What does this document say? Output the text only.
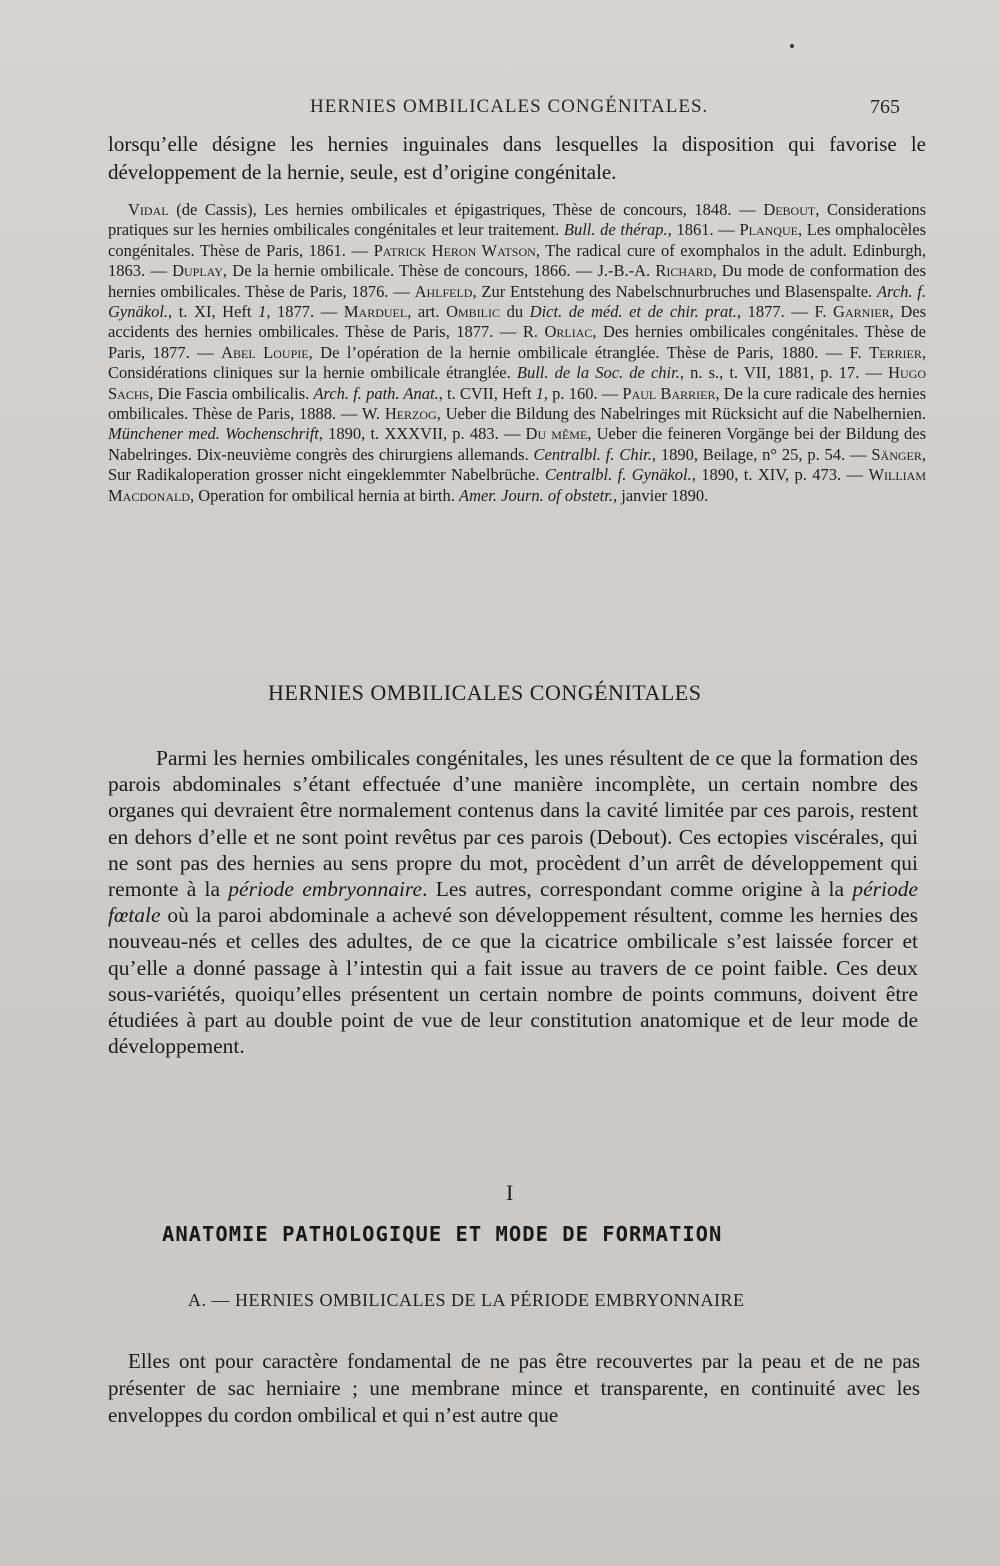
HERNIES OMBILICALES CONGÉNITALES.	765

lorsqu’elle désigne les hernies inguinales dans lesquelles la disposition qui favorise le développement de la hernie, seule, est d’origine congénitale.

Vidal (de Cassis), Les hernies ombilicales et épigastriques, Thèse de concours, 1848. — Debout, Considerations pratiques sur les hernies ombilicales congénitales et leur traitement. Bull. de thérap., 1861. — Planque, Les omphalocèles congénitales. Thèse de Paris, 1861. — Patrick Heron Watson, The radical cure of exomphalos in the adult. Edinburgh, 1863. — Duplay, De la hernie ombilicale. Thèse de concours, 1866. — J.-B.-A. Richard, Du mode de conformation des hernies ombilicales. Thèse de Paris, 1876. — Ahlfeld, Zur Entstehung des Nabelschnurbruches und Blasenspalte. Arch. f. Gynäkol., t. XI, Heft 1, 1877. — Marduel, art. Ombilic du Dict. de méd. et de chir. prat., 1877. — F. Garnier, Des accidents des hernies ombilicales. Thèse de Paris, 1877. — R. Orliac, Des hernies ombilicales congénitales. Thèse de Paris, 1877. — Abel Loupie, De l’opération de la hernie ombilicale étranglée. Thèse de Paris, 1880. — F. Terrier, Considérations cliniques sur la hernie ombilicale étranglée. Bull. de la Soc. de chir., n. s., t. VII, 1881, p. 17. — Hugo Sachs, Die Fascia ombilicalis. Arch. f. path. Anat., t. CVII, Heft 1, p. 160. — Paul Barrier, De la cure radicale des hernies ombilicales. Thèse de Paris, 1888. — W. Herzog, Ueber die Bildung des Nabelringes mit Rücksicht auf die Nabelhernien. Münchener med. Wochenschrift, 1890, t. XXXVII, p. 483. — Du même, Ueber die feineren Vorgänge bei der Bildung des Nabelringes. Dix-neuvième congrès des chirurgiens allemands. Centralbl. f. Chir., 1890, Beilage, n° 25, p. 54. — Sänger, Sur Radikaloperation grosser nicht eingeklemmter Nabelbrüche. Centralbl. f. Gynäkol., 1890, t. XIV, p. 473. — William Macdonald, Operation for ombilical hernia at birth. Amer. Journ. of obstetr., janvier 1890.

HERNIES OMBILICALES CONGÉNITALES

Parmi les hernies ombilicales congénitales, les unes résultent de ce que la formation des parois abdominales s’étant effectuée d’une manière incomplète, un certain nombre des organes qui devraient être normalement contenus dans la cavité limitée par ces parois, restent en dehors d’elle et ne sont point revêtus par ces parois (Debout). Ces ectopies viscérales, qui ne sont pas des hernies au sens propre du mot, procèdent d’un arrêt de développement qui remonte à la période embryonnaire. Les autres, correspondant comme origine à la période fœtale où la paroi abdominale a achevé son développement résultent, comme les hernies des nouveau-nés et celles des adultes, de ce que la cicatrice ombilicale s’est laissée forcer et qu’elle a donné passage à l’intestin qui a fait issue au travers de ce point faible. Ces deux sous-variétés, quoiqu’elles présentent un certain nombre de points communs, doivent être étudiées à part au double point de vue de leur constitution anatomique et de leur mode de développement.

I
ANATOMIE PATHOLOGIQUE ET MODE DE FORMATION
A. — HERNIES OMBILICALES DE LA PÉRIODE EMBRYONNAIRE

Elles ont pour caractère fondamental de ne pas être recouvertes par la peau et de ne pas présenter de sac herniaire ; une membrane mince et transparente, en continuité avec les enveloppes du cordon ombilical et qui n’est autre que
